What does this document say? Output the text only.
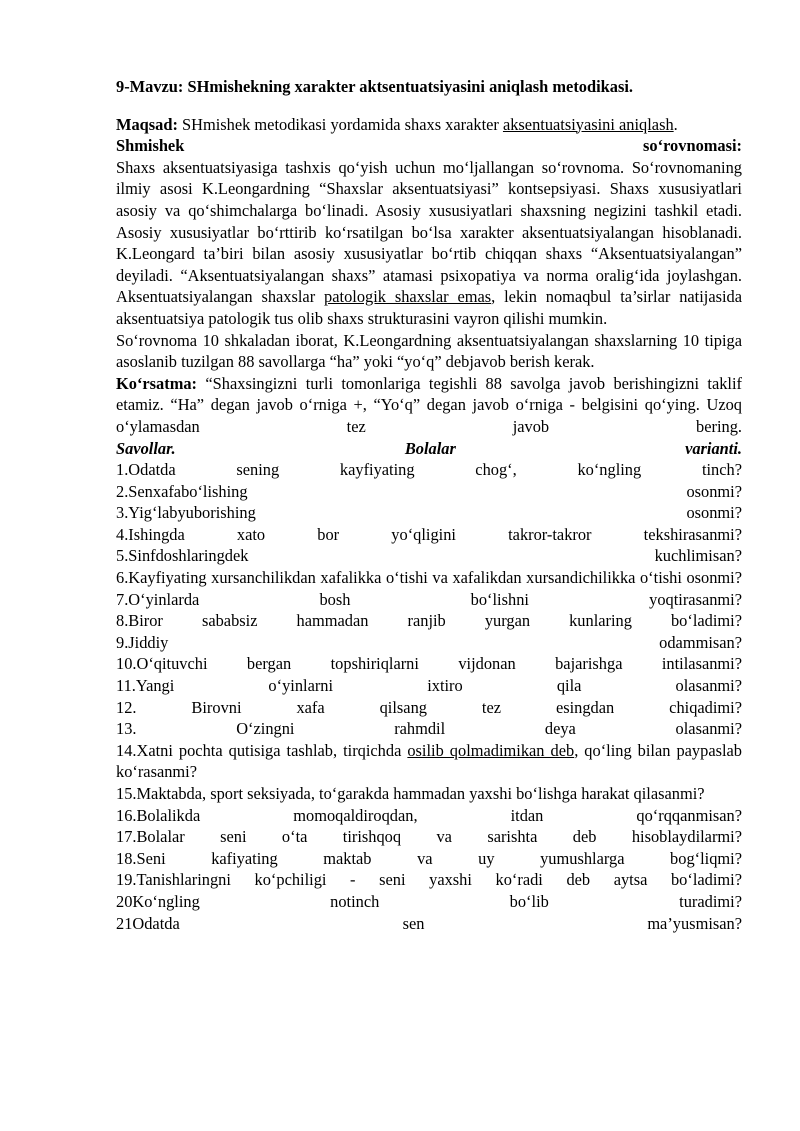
9-Mavzu: SHmishekning xarakter aktsentuatsiyasini aniqlash metodikasi.

Maqsad: SHmishek metodikasi yordamida shaxs xarakter aksentuatsiyasini aniqlash.

Shmishek	so‘rovnomasi:

Shaxs aksentuatsiyasiga tashxis qo‘yish uchun mo‘ljallangan so‘rovnoma. So‘rovnomaning ilmiy asosi K.Leongardning “Shaxslar aksentuatsiyasi” kontsepsiyasi. Shaxs xususiyatlari asosiy va qo‘shimchalarga bo‘linadi. Asosiy xususiyatlari shaxsning negizini tashkil etadi. Asosiy xususiyatlar bo‘rttirib ko‘rsatilgan bo‘lsa xarakter aksentuatsiyalangan hisoblanadi. K.Leongard ta’biri bilan asosiy xususiyatlar bo‘rtib chiqqan shaxs “Aksentuatsiyalangan” deyiladi. “Aksentuatsiyalangan shaxs” atamasi psixopatiya va norma oralig‘ida joylashgan. Aksentuatsiyalangan shaxslar patologik shaxslar emas, lekin nomaqbul ta’sirlar natijasida aksentuatsiya patologik tus olib shaxs strukturasini vayron qilishi mumkin.

So‘rovnoma 10 shkaladan iborat, K.Leongardning aksentuatsiyalangan shaxslarning 10 tipiga asoslanib tuzilgan 88 savollarga “ha” yoki “yo‘q” debjavob berish kerak.

Ko‘rsatma: “Shaxsingizni turli tomonlariga tegishli 88 savolga javob berishingizni taklif etamiz. “Ha” degan javob o‘rniga +, “Yo‘q” degan javob o‘rniga - belgisini qo‘ying. Uzoq o‘ylamasdan tez javob bering.

Savollar.	Bolalar	varianti.

1.Odatda sening kayfiyating chog‘, ko‘ngling tinch?

2.Senxafabo‘lishing osonmi?

3.Yig‘labyuborishing osonmi?

4.Ishingda xato bor yo‘qligini takror-takror tekshirasanmi?

5.Sinfdoshlaringdek kuchlimisan?

6.Kayfiyating xursanchilikdan xafalikka o‘tishi va xafalikdan xursandichilikka o‘tishi osonmi?

7.O‘yinlarda bosh bo‘lishni yoqtirasanmi?

8.Biror sababsiz hammadan ranjib yurgan kunlaring bo‘ladimi?

9.Jiddiy odammisan?

10.O‘qituvchi bergan topshiriqlarni vijdonan bajarishga intilasanmi?

11.Yangi o‘yinlarni ixtiro qila olasanmi?

12. Birovni xafa qilsang tez esingdan chiqadimi?

13. O‘zingni rahmdil deya olasanmi?

14.Xatni pochta qutisiga tashlab, tirqichda osilib qolmadimikan deb, qo‘ling bilan paypaslab ko‘rasanmi?

15.Maktabda, sport seksiyada, to‘garakda hammadan yaxshi bo‘lishga harakat qilasanmi?

16.Bolalikda momoqaldiroqdan, itdan qo‘rqqanmisan?

17.Bolalar seni o‘ta tirishqoq va sarishta deb hisoblaydilarmi?

18.Seni kafiyating maktab va uy yumushlarga bog‘liqmi?

19.Tanishlaringni ko‘pchiligi - seni yaxshi ko‘radi deb aytsa bo‘ladimi?

20Ko‘ngling notinch bo‘lib turadimi?

21Odatda sen ma’yusmisan?
